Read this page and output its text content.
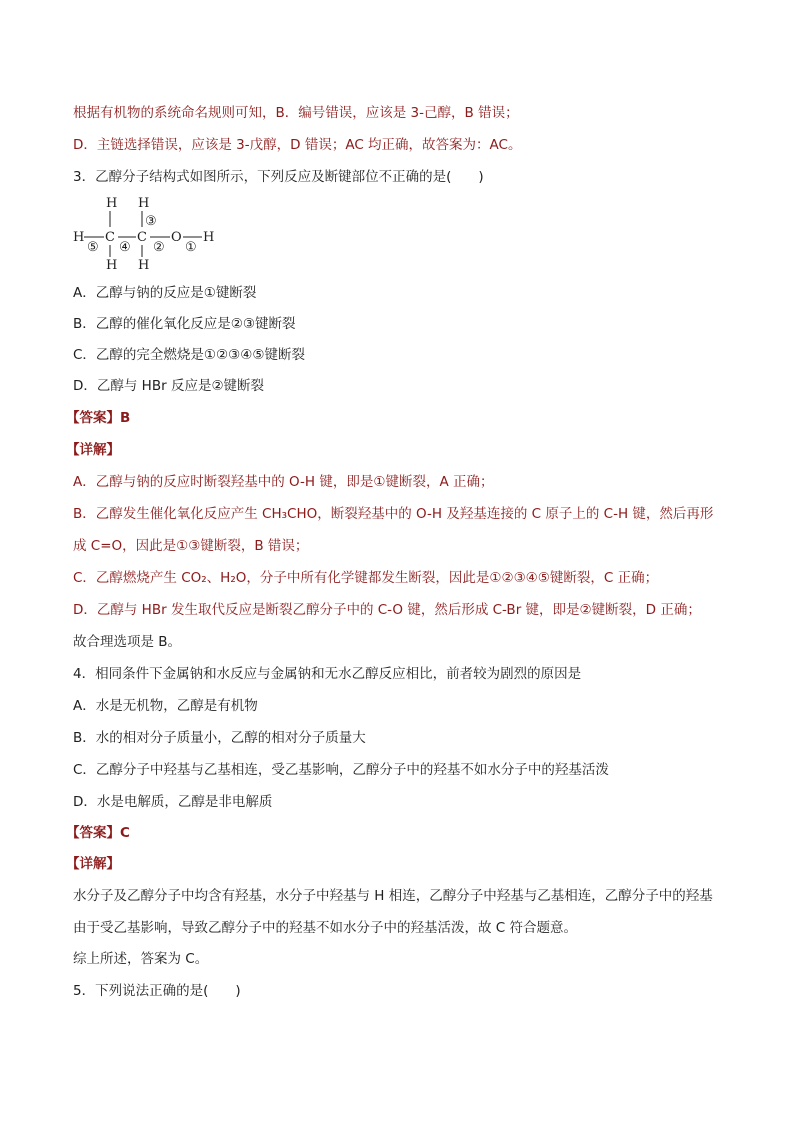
根据有机物的系统命名规则可知，B．编号错误，应该是 3-己醇，B 错误；
D．主链选择错误，应该是 3-戊醇，D 错误；AC 均正确，故答案为：AC。
3．乙醇分子结构式如图所示，下列反应及断键部位不正确的是(　　)
H H
③
H
⑤
C
④
C
②
O
①
H
H H
A．乙醇与钠的反应是①键断裂
B．乙醇的催化氧化反应是②③键断裂
C．乙醇的完全燃烧是①②③④⑤键断裂
D．乙醇与 HBr 反应是②键断裂
【答案】B
【详解】
A．乙醇与钠的反应时断裂羟基中的 O-H 键，即是①键断裂，A 正确；
B．乙醇发生催化氧化反应产生 CH₃CHO，断裂羟基中的 O-H 及羟基连接的 C 原子上的 C-H 键，然后再形
成 C=O，因此是①③键断裂，B 错误；
C．乙醇燃烧产生 CO₂、H₂O，分子中所有化学键都发生断裂，因此是①②③④⑤键断裂，C 正确；
D．乙醇与 HBr 发生取代反应是断裂乙醇分子中的 C-O 键，然后形成 C-Br 键，即是②键断裂，D 正确；
故合理选项是 B。
4．相同条件下金属钠和水反应与金属钠和无水乙醇反应相比，前者较为剧烈的原因是
A．水是无机物，乙醇是有机物
B．水的相对分子质量小，乙醇的相对分子质量大
C．乙醇分子中羟基与乙基相连，受乙基影响，乙醇分子中的羟基不如水分子中的羟基活泼
D．水是电解质，乙醇是非电解质
【答案】C
【详解】
水分子及乙醇分子中均含有羟基，水分子中羟基与 H 相连，乙醇分子中羟基与乙基相连，乙醇分子中的羟基由于受乙基影响，导致乙醇分子中的羟基不如水分子中的羟基活泼，故 C 符合题意。
综上所述，答案为 C。
5．下列说法正确的是(　　)
